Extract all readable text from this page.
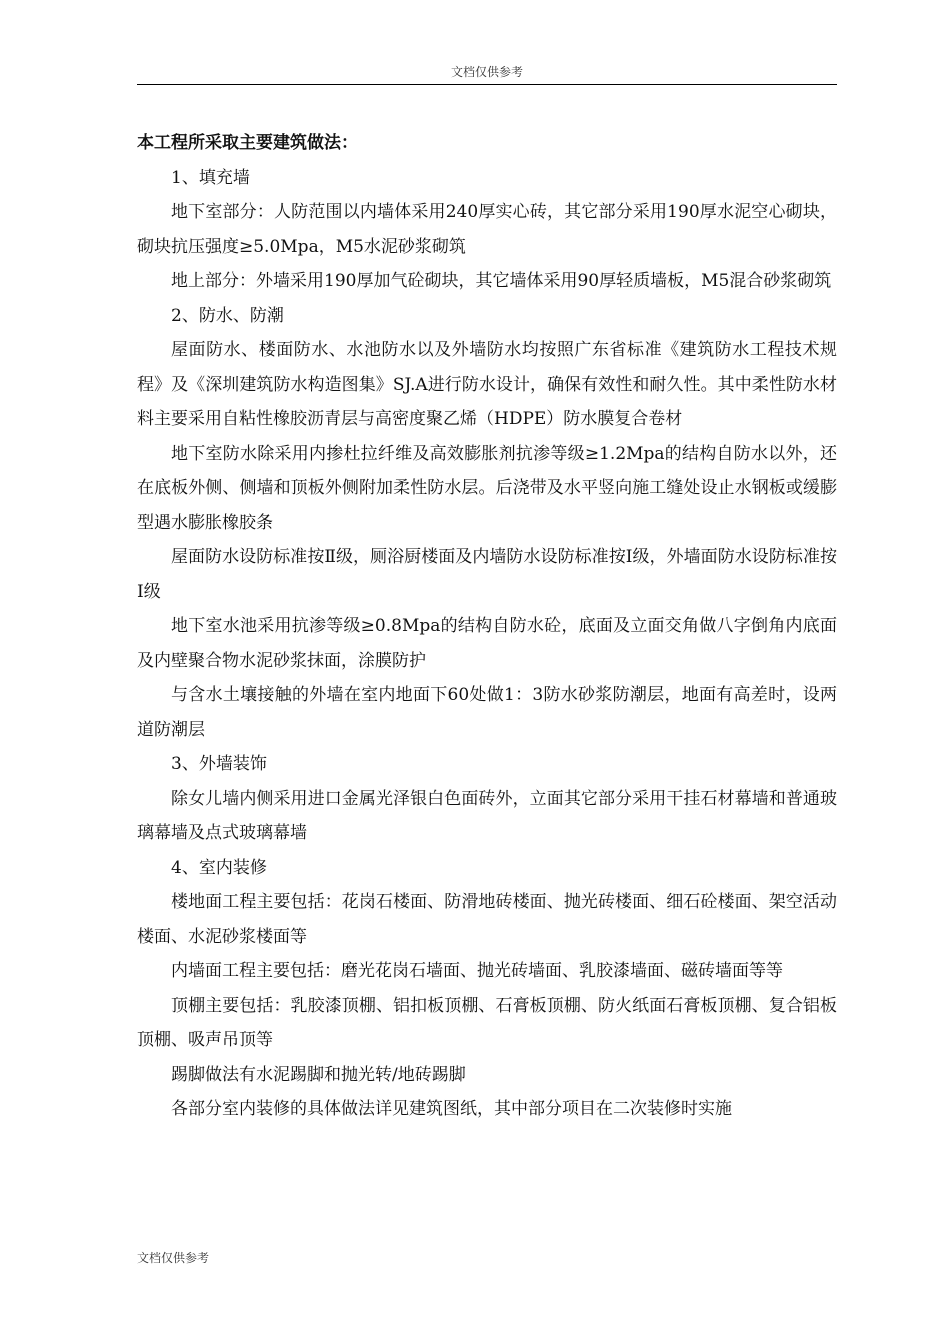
文档仅供参考

本工程所采取主要建筑做法：

1、填充墙

地下室部分：人防范围以内墙体采用240厚实心砖，其它部分采用190厚水泥空心砌块，砌块抗压强度≥5.0Mpa，M5水泥砂浆砌筑

地上部分：外墙采用190厚加气砼砌块，其它墙体采用90厚轻质墙板，M5混合砂浆砌筑

2、防水、防潮

屋面防水、楼面防水、水池防水以及外墙防水均按照广东省标准《建筑防水工程技术规程》及《深圳建筑防水构造图集》SJ.A进行防水设计，确保有效性和耐久性。其中柔性防水材料主要采用自粘性橡胶沥青层与高密度聚乙烯（HDPE）防水膜复合卷材

地下室防水除采用内掺杜拉纤维及高效膨胀剂抗渗等级≥1.2Mpa的结构自防水以外，还在底板外侧、侧墙和顶板外侧附加柔性防水层。后浇带及水平竖向施工缝处设止水钢板或缓膨型遇水膨胀橡胶条

屋面防水设防标准按Ⅱ级，厕浴厨楼面及内墙防水设防标准按Ⅰ级，外墙面防水设防标准按Ⅰ级

地下室水池采用抗渗等级≥0.8Mpa的结构自防水砼，底面及立面交角做八字倒角内底面及内壁聚合物水泥砂浆抹面，涂膜防护

与含水土壤接触的外墙在室内地面下60处做1：3防水砂浆防潮层，地面有高差时，设两道防潮层

3、外墙装饰

除女儿墙内侧采用进口金属光泽银白色面砖外，立面其它部分采用干挂石材幕墙和普通玻璃幕墙及点式玻璃幕墙

4、室内装修

楼地面工程主要包括：花岗石楼面、防滑地砖楼面、抛光砖楼面、细石砼楼面、架空活动楼面、水泥砂浆楼面等

内墙面工程主要包括：磨光花岗石墙面、抛光砖墙面、乳胶漆墙面、磁砖墙面等等

顶棚主要包括：乳胶漆顶棚、铝扣板顶棚、石膏板顶棚、防火纸面石膏板顶棚、复合铝板顶棚、吸声吊顶等

踢脚做法有水泥踢脚和抛光转/地砖踢脚

各部分室内装修的具体做法详见建筑图纸，其中部分项目在二次装修时实施

文档仅供参考
